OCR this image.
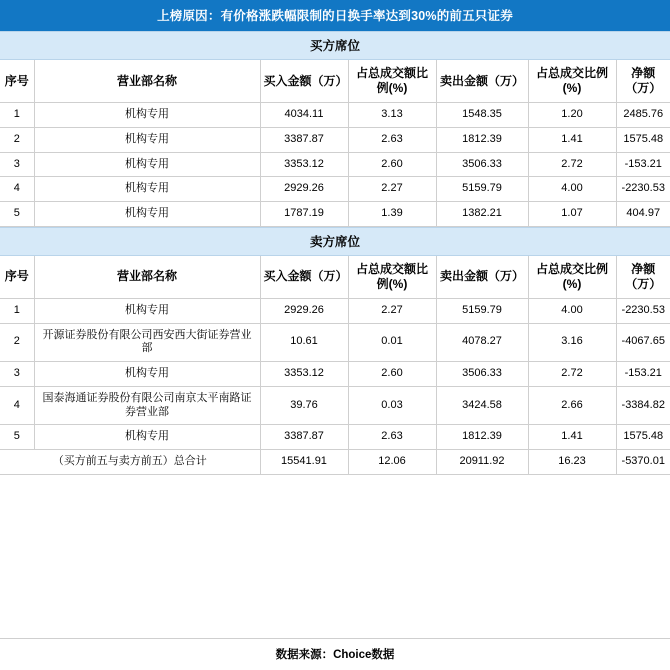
上榜原因：有价格涨跌幅限制的日换手率达到30%的前五只证券
买方席位
序号	营业部名称	买入金额（万）	占总成交额比例(%)	卖出金额（万）	占总成交比例(%)	净额（万）
1	机构专用	4034.11	3.13	1548.35	1.20	2485.76
2	机构专用	3387.87	2.63	1812.39	1.41	1575.48
3	机构专用	3353.12	2.60	3506.33	2.72	-153.21
4	机构专用	2929.26	2.27	5159.79	4.00	-2230.53
5	机构专用	1787.19	1.39	1382.21	1.07	404.97
卖方席位
序号	营业部名称	买入金额（万）	占总成交额比例(%)	卖出金额（万）	占总成交比例(%)	净额（万）
1	机构专用	2929.26	2.27	5159.79	4.00	-2230.53
2	开源证券股份有限公司西安西大街证券营业部	10.61	0.01	4078.27	3.16	-4067.65
3	机构专用	3353.12	2.60	3506.33	2.72	-153.21
4	国泰海通证券股份有限公司南京太平南路证券营业部	39.76	0.03	3424.58	2.66	-3384.82
5	机构专用	3387.87	2.63	1812.39	1.41	1575.48
（买方前五与卖方前五）总合计		15541.91	12.06	20911.92	16.23	-5370.01
数据来源：Choice数据
